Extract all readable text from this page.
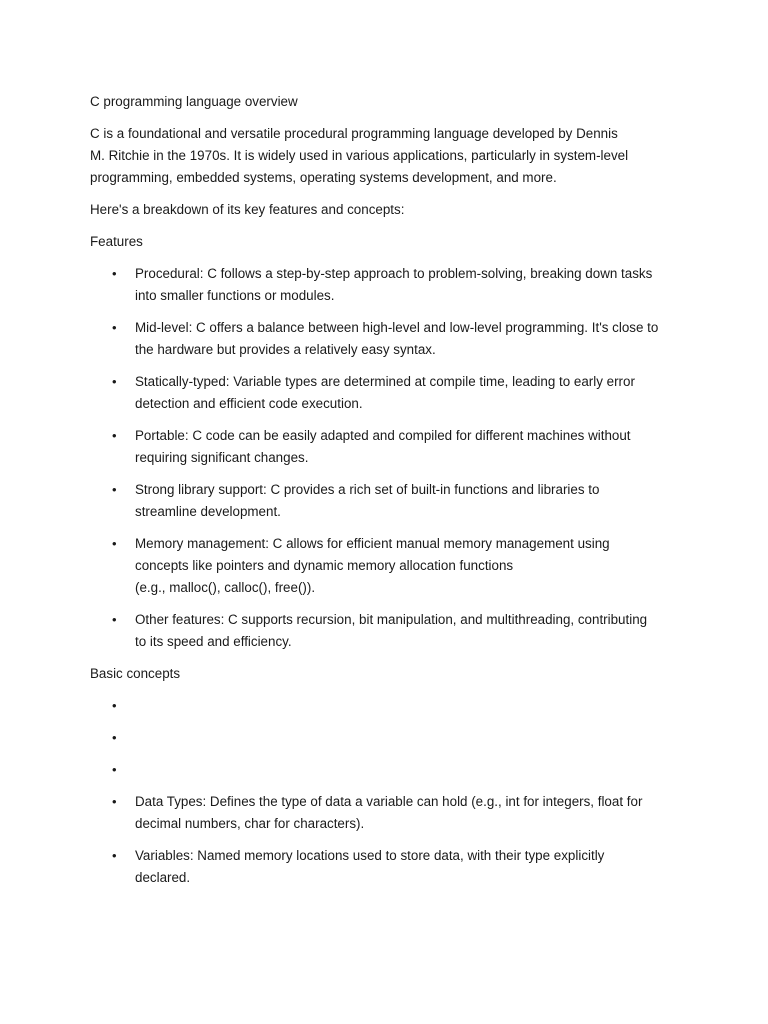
C programming language overview

C is a foundational and versatile procedural programming language developed by Dennis
M. Ritchie in the 1970s. It is widely used in various applications, particularly in system-level
programming, embedded systems, operating systems development, and more.

Here's a breakdown of its key features and concepts:

Features

• Procedural: C follows a step-by-step approach to problem-solving, breaking down tasks
into smaller functions or modules.
• Mid-level: C offers a balance between high-level and low-level programming. It's close to
the hardware but provides a relatively easy syntax.
• Statically-typed: Variable types are determined at compile time, leading to early error
detection and efficient code execution.
• Portable: C code can be easily adapted and compiled for different machines without
requiring significant changes.
• Strong library support: C provides a rich set of built-in functions and libraries to
streamline development.
• Memory management: C allows for efficient manual memory management using
concepts like pointers and dynamic memory allocation functions
(e.g., malloc(), calloc(), free()).
• Other features: C supports recursion, bit manipulation, and multithreading, contributing
to its speed and efficiency.

Basic concepts

•
•
•
• Data Types: Defines the type of data a variable can hold (e.g., int for integers, float for
decimal numbers, char for characters).
• Variables: Named memory locations used to store data, with their type explicitly
declared.
